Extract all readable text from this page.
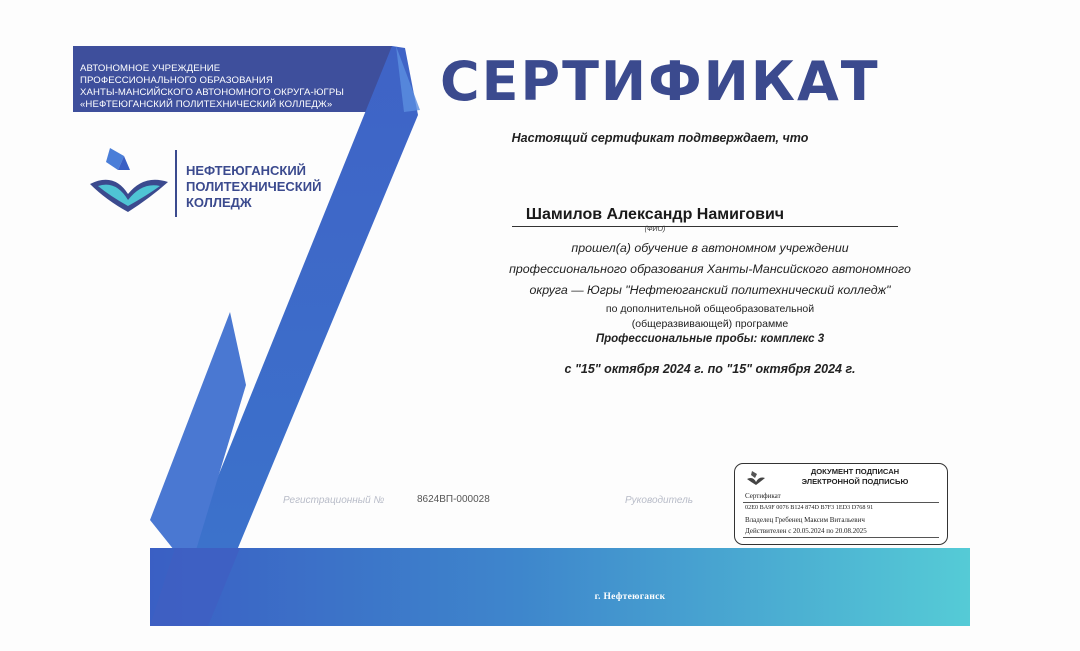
АВТОНОМНОЕ УЧРЕЖДЕНИЕ
ПРОФЕССИОНАЛЬНОГО ОБРАЗОВАНИЯ
ХАНТЫ-МАНСИЙСКОГО АВТОНОМНОГО ОКРУГА-ЮГРЫ
«НЕФТЕЮГАНСКИЙ ПОЛИТЕХНИЧЕСКИЙ КОЛЛЕДЖ»
НЕФТЕЮГАНСКИЙ
ПОЛИТЕХНИЧЕСКИЙ
КОЛЛЕДЖ
СЕРТИФИКАТ
Настоящий сертификат подтверждает, что
Шамилов Александр Намигович
(ФИО)
прошел(а) обучение в автономном учреждении
профессионального образования Ханты-Мансийского автономного
округа — Югры "Нефтеюганский политехнический колледж"
по дополнительной общеобразовательной
(общеразвивающей) программе
Профессиональные пробы: комплекс 3
с "15" октября 2024 г. по "15" октября 2024 г.
Регистрационный №	8624ВП-000028	Руководитель
ДОКУМЕНТ ПОДПИСАН
ЭЛЕКТРОННОЙ ПОДПИСЬЮ
Сертификат
02E0 BA9F 0076 B124 874D B7F3 1ED3 D768 91
Владелец Гребенец Максим Витальевич
Действителен с 20.05.2024 по 20.08.2025
г. Нефтеюганск
